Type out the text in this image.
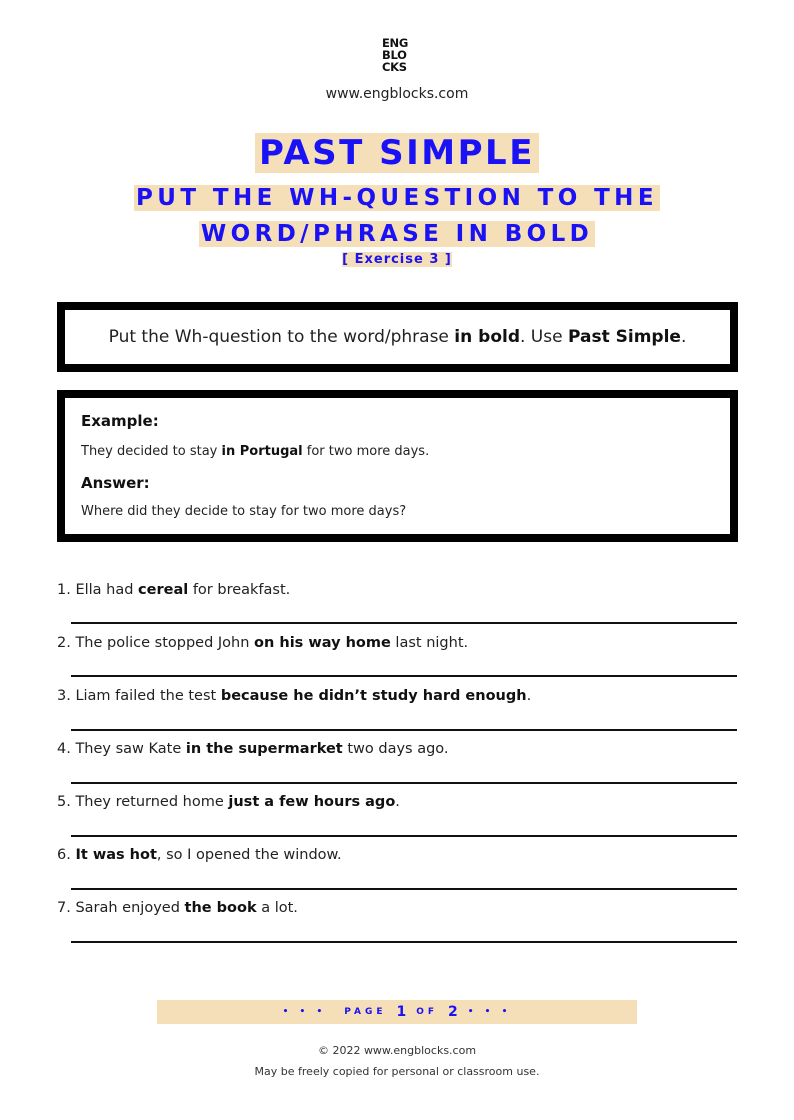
ENG
BLO
CKS
www.engblocks.com
PAST SIMPLE
PUT THE WH-QUESTION TO THE
WORD/PHRASE IN BOLD
[ Exercise 3 ]
Put the Wh-question to the word/phrase in bold. Use Past Simple.
Example:
They decided to stay in Portugal for two more days.
Answer:
Where did they decide to stay for two more days?
1. Ella had cereal for breakfast.
2. The police stopped John on his way home last night.
3. Liam failed the test because he didn’t study hard enough.
4. They saw Kate in the supermarket two days ago.
5. They returned home just a few hours ago.
6. It was hot, so I opened the window.
7. Sarah enjoyed the book a lot.
• • • PAGE 1 OF 2 • • •
© 2022 www.engblocks.com
May be freely copied for personal or classroom use.
